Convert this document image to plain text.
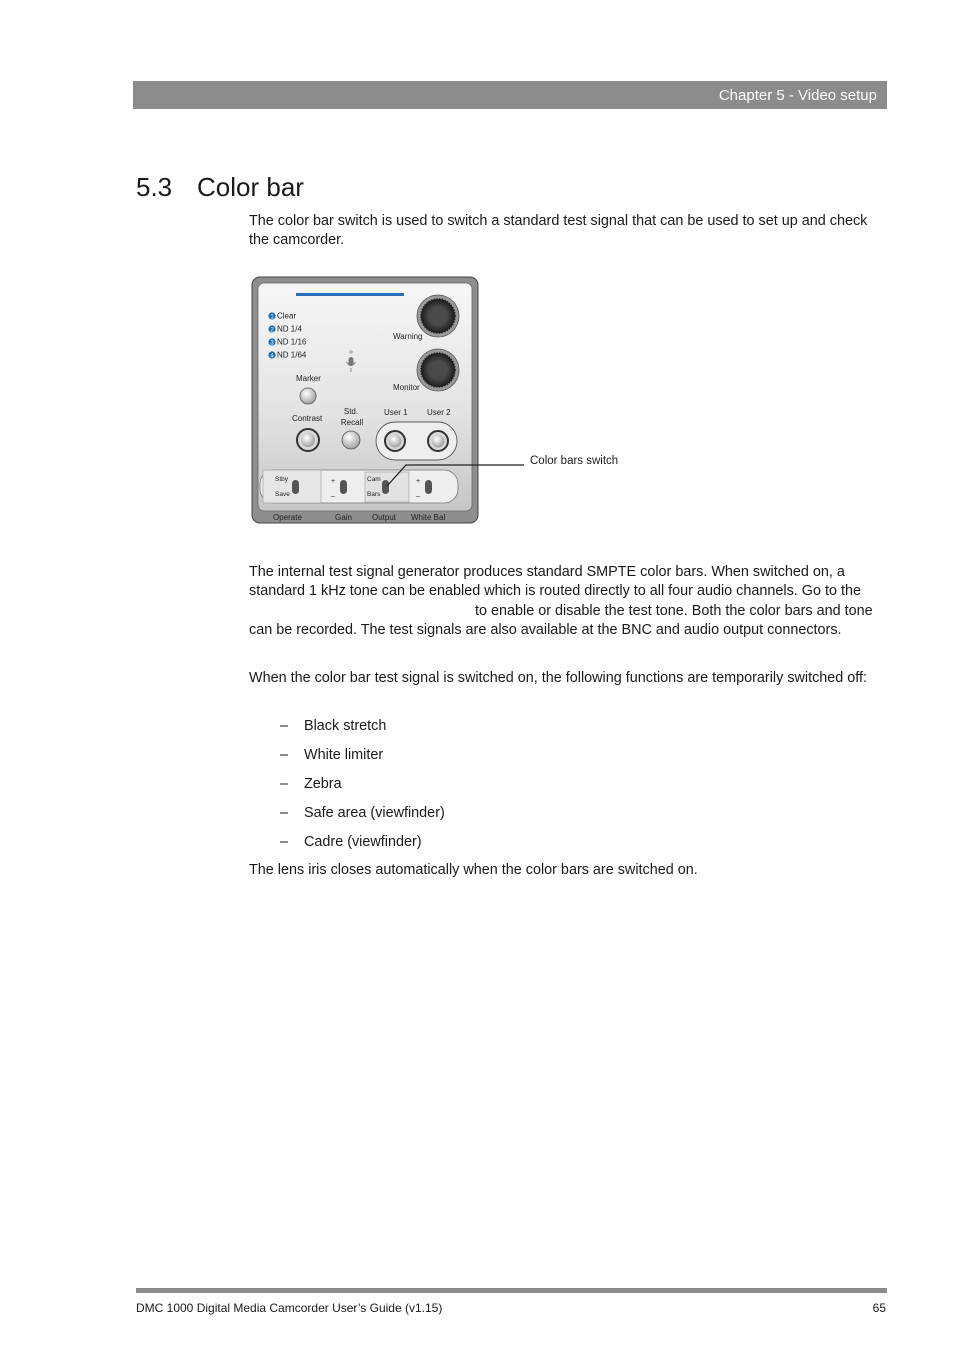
Chapter 5 - Video setup
5.3 Color bar

The color bar switch is used to switch a standard test signal that can be used to set up and check the camcorder.

1 Clear
2 ND 1/4
3 ND 1/16
4 ND 1/64
Warning
Monitor
Marker
Contrast
Std.
Recall
User 1 User 2
Stby
Save
+
–
Cam
Bars
+
–
Operate	Gain	Output White Bal
Color bars switch

The internal test signal generator produces standard SMPTE color bars. When switched on, a standard 1 kHz tone can be enabled which is routed directly to all four audio channels. Go to theto enable or disable the test tone. Both the color bars and tone can be recorded. The test signals are also available at the BNC and audio output connectors.

When the color bar test signal is switched on, the following functions are temporarily switched off:

– Black stretch
– White limiter
– Zebra
– Safe area (viewfinder)
– Cadre (viewfinder)

The lens iris closes automatically when the color bars are switched on.

DMC 1000 Digital Media Camcorder User’s Guide (v1.15)	65
